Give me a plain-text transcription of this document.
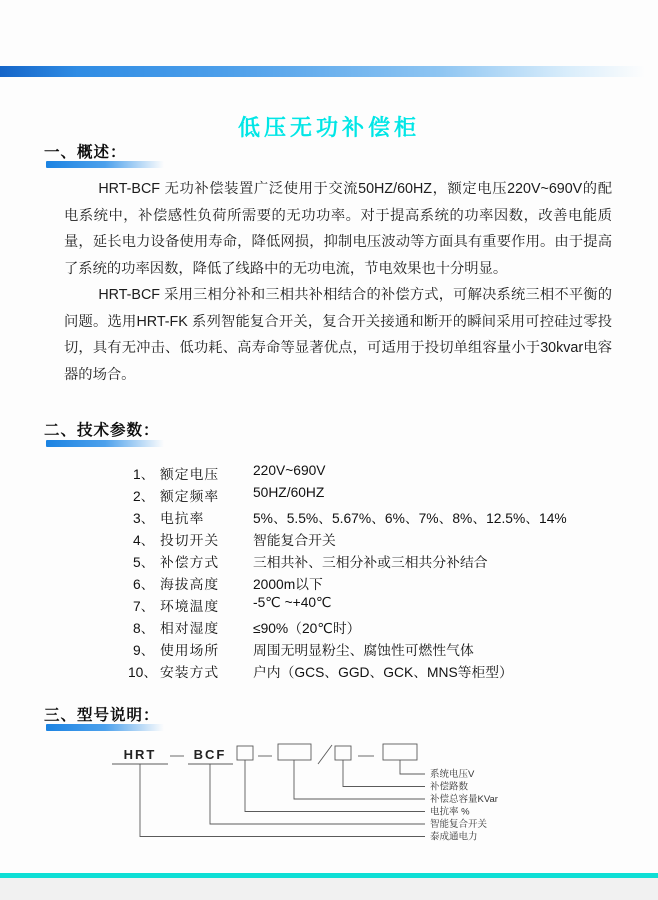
低压无功补偿柜
一、概述：
HRT-BCF 无功补偿装置广泛使用于交流50HZ/60HZ，额定电压220V~690V的配电系统中，补偿感性负荷所需要的无功功率。对于提高系统的功率因数，改善电能质量，延长电力设备使用寿命，降低网损，抑制电压波动等方面具有重要作用。由于提高了系统的功率因数，降低了线路中的无功电流，节电效果也十分明显。
HRT-BCF 采用三相分补和三相共补相结合的补偿方式，可解决系统三相不平衡的问题。选用HRT-FK 系列智能复合开关，复合开关接通和断开的瞬间采用可控硅过零投切，具有无冲击、低功耗、高寿命等显著优点，可适用于投切单组容量小于30kvar电容器的场合。
二、技术参数：
1、 额定电压 220V~690V
2、 额定频率 50HZ/60HZ
3、 电抗率	5%、5.5%、5.67%、6%、7%、8%、12.5%、14%
4、 投切开关 智能复合开关
5、 补偿方式 三相共补、三相分补或三相共分补结合
6、 海拔高度 2000m以下
7、 环境温度 -5℃ ~+40℃
8、 相对湿度 ≤90%（20℃时）
9、 使用场所 周围无明显粉尘、腐蚀性可燃性气体
10、 安装方式 户内（GCS、GGD、GCK、MNS等柜型）
三、型号说明：
HRT	BCF
系统电压V
补偿路数
补偿总容量KVar
电抗率 %
智能复合开关
泰成通电力
